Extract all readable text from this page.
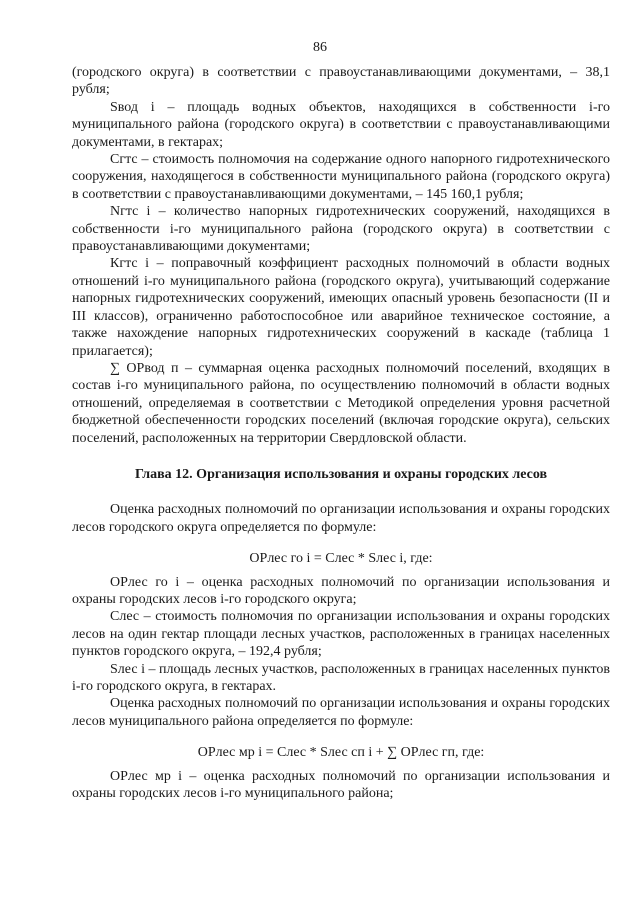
86

(городского округа) в соответствии с правоустанавливающими документами, – 38,1 рубля;

Sвод i – площадь водных объектов, находящихся в собственности i-го муниципального района (городского округа) в соответствии с правоустанавливающими документами, в гектарах;

Сгтс – стоимость полномочия на содержание одного напорного гидротехнического сооружения, находящегося в собственности муниципального района (городского округа) в соответствии с правоустанавливающими документами, – 145 160,1 рубля;

Nгтс i – количество напорных гидротехнических сооружений, находящихся в собственности i-го муниципального района (городского округа) в соответствии с правоустанавливающими документами;

Кгтс i – поправочный коэффициент расходных полномочий в области водных отношений i-го муниципального района (городского округа), учитывающий содержание напорных гидротехнических сооружений, имеющих опасный уровень безопасности (II и III классов), ограниченно работоспособное или аварийное техническое состояние, а также нахождение напорных гидротехнических сооружений в каскаде (таблица 1 прилагается);

∑ ОРвод п – суммарная оценка расходных полномочий поселений, входящих в состав i-го муниципального района, по осуществлению полномочий в области водных отношений, определяемая в соответствии с Методикой определения уровня расчетной бюджетной обеспеченности городских поселений (включая городские округа), сельских поселений, расположенных на территории Свердловской области.

Глава 12. Организация использования и охраны городских лесов

Оценка расходных полномочий по организации использования и охраны городских лесов городского округа определяется по формуле:

ОРлес го i = Слес * Sлес i, где:

ОРлес го i – оценка расходных полномочий по организации использования и охраны городских лесов i-го городского округа;

Слес – стоимость полномочия по организации использования и охраны городских лесов на один гектар площади лесных участков, расположенных в границах населенных пунктов городского округа, – 192,4 рубля;

Sлес i – площадь лесных участков, расположенных в границах населенных пунктов i-го городского округа, в гектарах.

Оценка расходных полномочий по организации использования и охраны городских лесов муниципального района определяется по формуле:

ОРлес мр i = Слес * Sлес сп i + ∑ ОРлес гп, где:

ОРлес мр i – оценка расходных полномочий по организации использования и охраны городских лесов i-го муниципального района;
